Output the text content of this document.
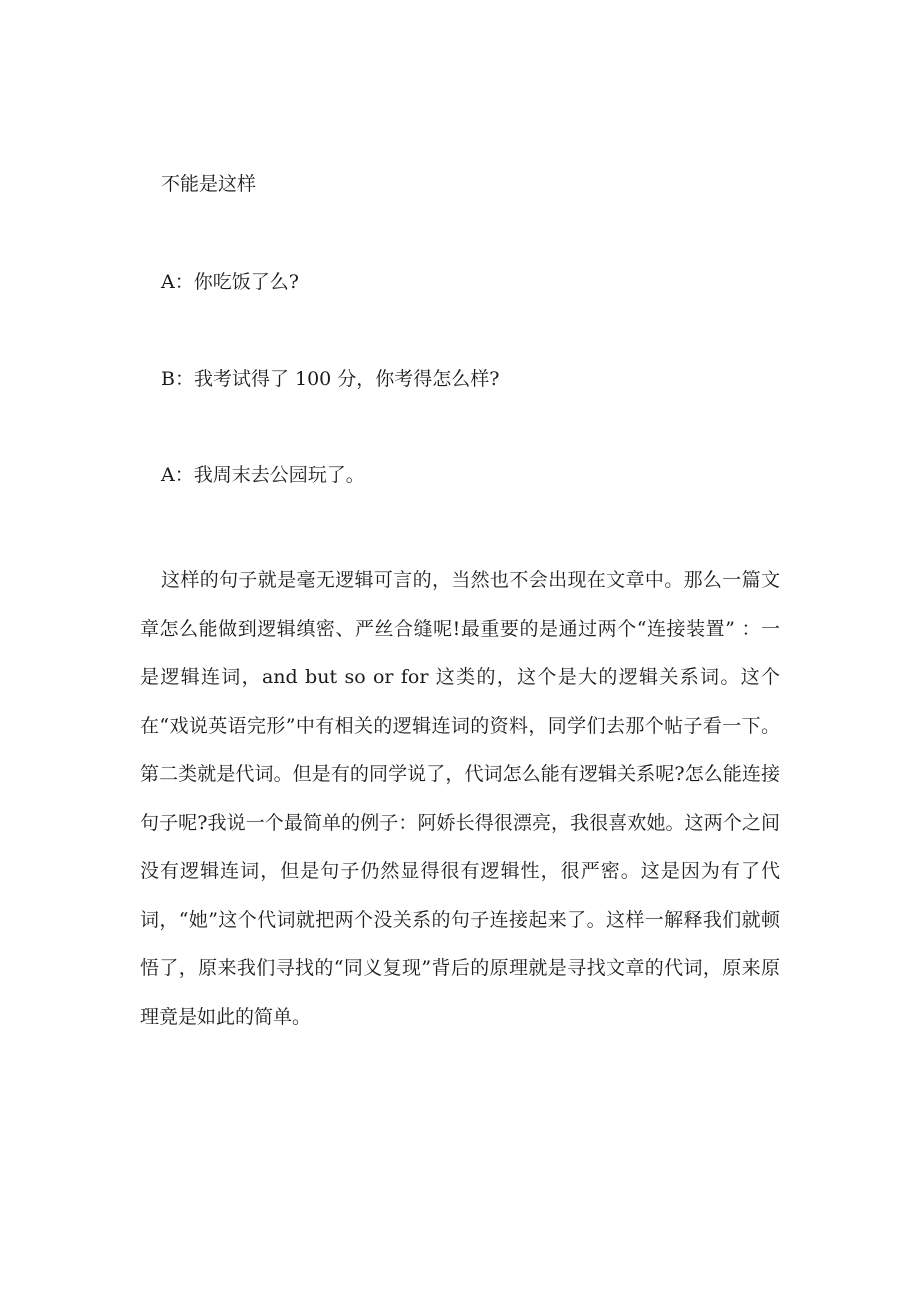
不能是这样
A：你吃饭了么?
B：我考试得了 100 分，你考得怎么样?
A：我周末去公园玩了。

这样的句子就是毫无逻辑可言的，当然也不会出现在文章中。那么一篇文章怎么能做到逻辑缜密、严丝合缝呢!最重要的是通过两个“连接装置” ：一是逻辑连词，and but so or for 这类的，这个是大的逻辑关系词。这个在“戏说英语完形”中有相关的逻辑连词的资料，同学们去那个帖子看一下。第二类就是代词。但是有的同学说了，代词怎么能有逻辑关系呢?怎么能连接句子呢?我说一个最简单的例子：阿娇长得很漂亮，我很喜欢她。这两个之间没有逻辑连词，但是句子仍然显得很有逻辑性，很严密。这是因为有了代词，“她”这个代词就把两个没关系的句子连接起来了。这样一解释我们就顿悟了，原来我们寻找的“同义复现”背后的原理就是寻找文章的代词，原来原理竟是如此的简单。
